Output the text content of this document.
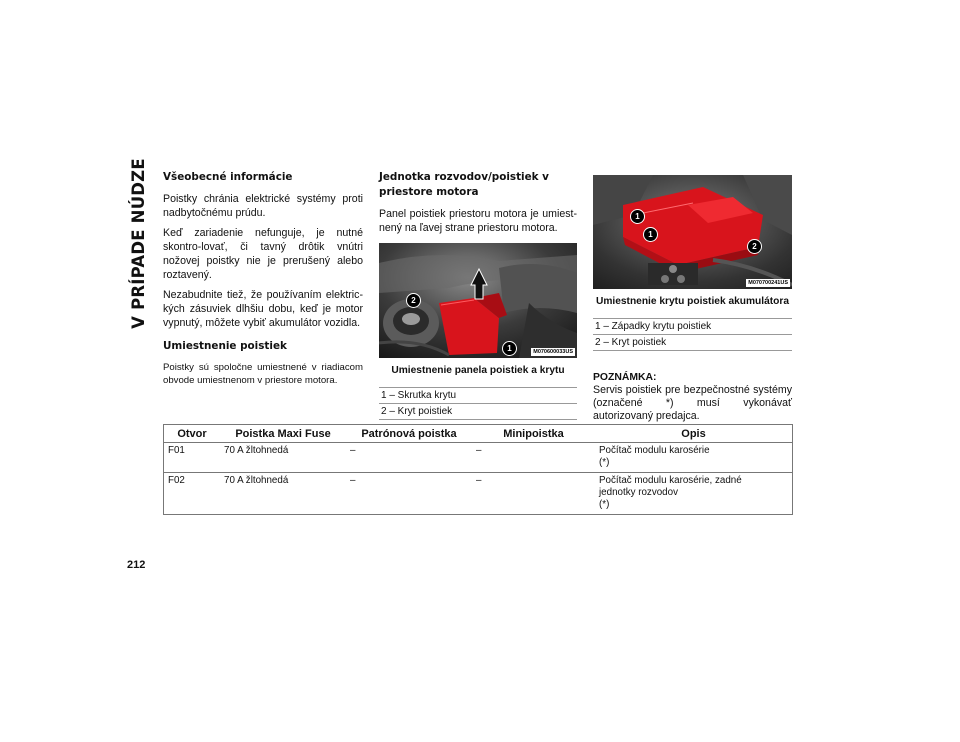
V PRÍPADE NÚDZE Všeobecné informácie

Poistky chránia elektrické systémy proti nadbytočnému prúdu.

Keď zariadenie nefunguje, je nutné skontro-lovať, či tavný drôtik vnútri nožovej poistky nie je prerušený alebo roztavený.

Nezabudnite tiež, že používaním elektric-kých zásuviek dlhšiu dobu, keď je motor vypnutý, môžete vybiť akumulátor vozidla.

Umiestnenie poistiek

Poistky sú spoločne umiestnené v riadiacom obvode umiestnenom v priestore motora.

Jednotka rozvodov/poistiek v priestore motora

Panel poistiek priestoru motora je umiest-nený na ľavej strane priestoru motora.

2
1	M070600033US
Umiestnenie panela poistiek a krytu
1 – Skrutka krytu
2 – Kryt poistiek
1
1
2
M070700241US
Umiestnenie krytu poistiek akumulátora
1 – Západky krytu poistiek
2 – Kryt poistiek
POZNÁMKA:

Servis poistiek pre bezpečnostné systémy (označené *) musí vykonávať autorizovaný predajca.

Otvor	Poistka Maxi Fuse	Patrónová poistka	Minipoistka	Opis
F01	70 A žltohnedá	–	–	Počítač modulu karosérie
(*)

F02	70 A žltohnedá	–	–	Počítač modulu karosérie, zadné
jednotky rozvodov
(*)
212
